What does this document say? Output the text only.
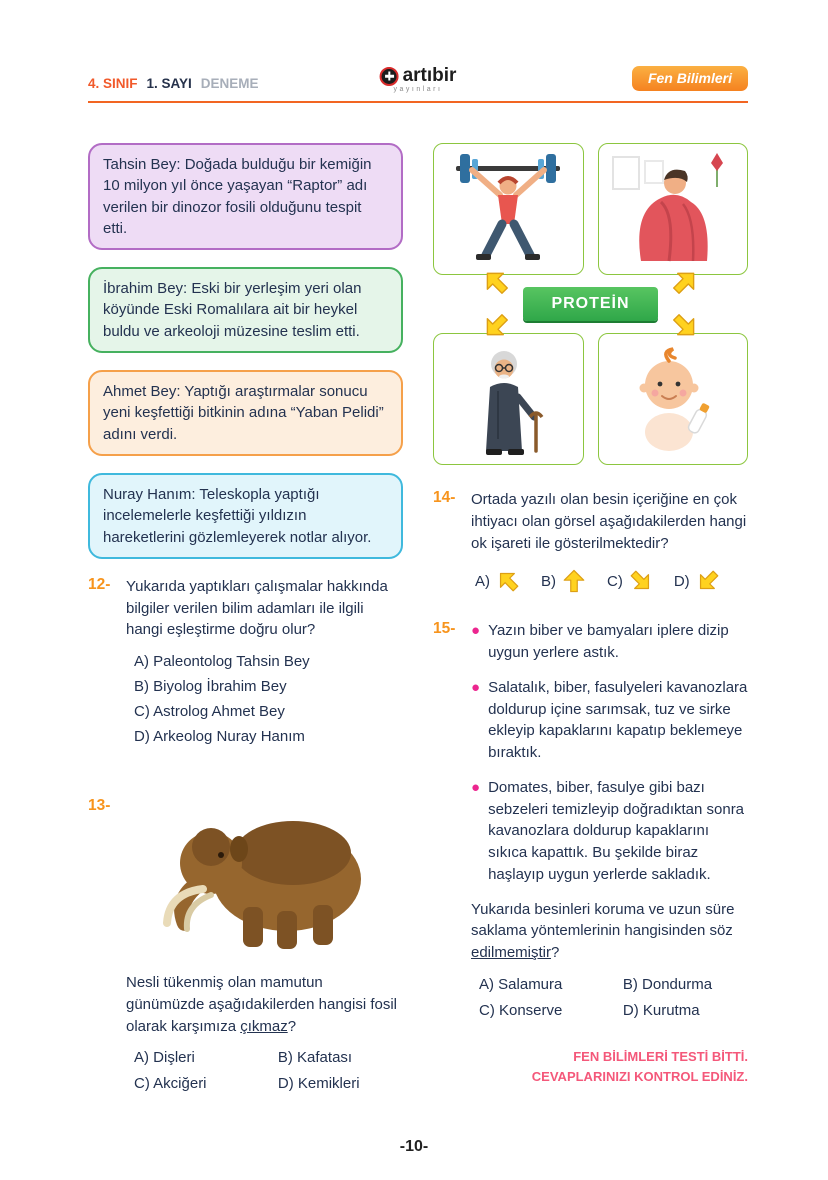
4. SINIF 1. SAYI DENEME	artıbir
yayınları
Fen Bilimleri
Tahsin Bey: Doğada bulduğu bir kemiğin 10 milyon yıl önce yaşayan “Raptor” adı verilen bir dinozor fosili olduğunu tespit etti.
İbrahim Bey: Eski bir yerleşim yeri olan köyünde Eski Romalılara ait bir heykel buldu ve arkeoloji müzesine teslim etti.
Ahmet Bey: Yaptığı araştırmalar sonucu yeni keşfettiği bitkinin adına “Yaban Pelidi” adını verdi.
Nuray Hanım: Teleskopla yaptığı incelemelerle keşfettiği yıldızın hareketlerini gözlemleyerek notlar alıyor.
12-	Yukarıda yaptıkları çalışmalar hakkında bilgiler verilen bilim adamları ile ilgili hangi eşleştirme doğru olur?

A) Paleontolog Tahsin Bey
B) Biyolog İbrahim Bey
C) Astrolog Ahmet Bey
D) Arkeolog Nuray Hanım
13-

Nesli tükenmiş olan mamutun günümüzde aşağıdakilerden hangisi fosil olarak karşımıza çıkmaz?

A) Dişleri	B) Kafatası
C) Akciğeri	D) Kemikleri
PROTEİN
14-	Ortada yazılı olan besin içeriğine en çok ihtiyacı olan görsel aşağıdakilerden hangi ok işareti ile gösterilmektedir?

A)	B)	C)	D)
15-	● Yazın biber ve bamyaları iplere dizip uygun yerlere astık.
● Salatalık, biber, fasulyeleri kavanozlara doldurup içine sarımsak, tuz ve sirke ekleyip kapaklarını kapatıp beklemeye bıraktık.
● Domates, biber, fasulye gibi bazı sebzeleri temizleyip doğradıktan sonra kavanozlara doldurup kapaklarını sıkıca kapattık. Bu şekilde biraz haşlayıp uygun yerlerde sakladık.

Yukarıda besinleri koruma ve uzun süre saklama yöntemlerinin hangisinden söz edilmemiştir?

A) Salamura	B) Dondurma
C) Konserve	D) Kurutma
FEN BİLİMLERİ TESTİ BİTTİ.
CEVAPLARINIZI KONTROL EDİNİZ.
-10-
